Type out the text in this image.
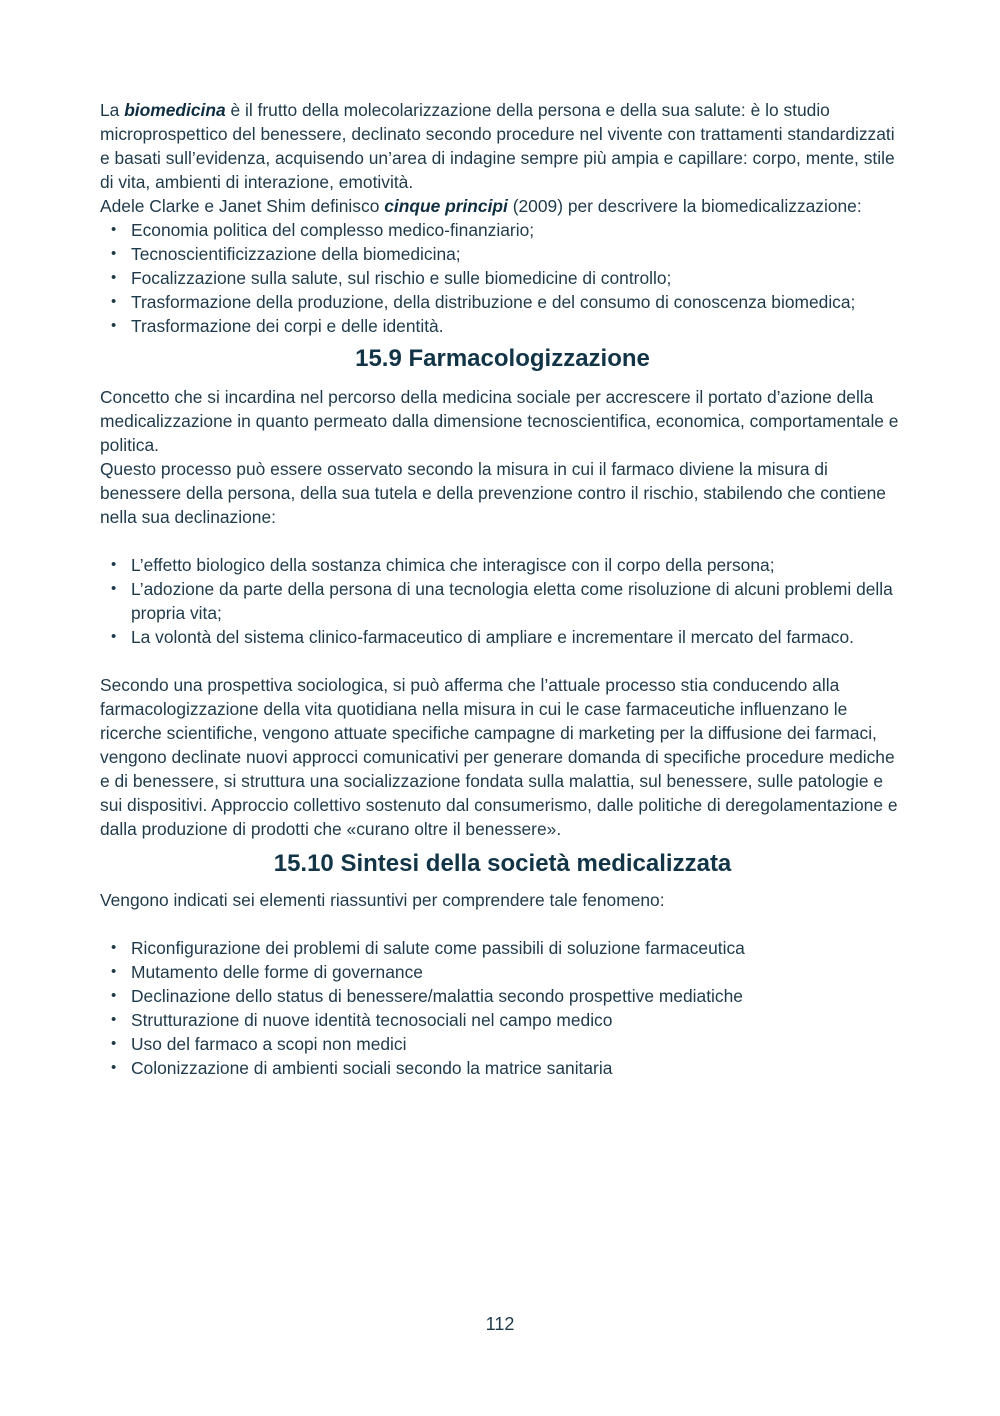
La biomedicina è il frutto della molecolarizzazione della persona e della sua salute: è lo studio microprospettico del benessere, declinato secondo procedure nel vivente con trattamenti standardizzati e basati sull’evidenza, acquisendo un’area di indagine sempre più ampia e capillare: corpo, mente, stile di vita, ambienti di interazione, emotività.

Adele Clarke e Janet Shim definisco cinque principi (2009) per descrivere la biomedicalizzazione:

• Economia politica del complesso medico-finanziario;
• Tecnoscientificizzazione della biomedicina;
• Focalizzazione sulla salute, sul rischio e sulle biomedicine di controllo;
• Trasformazione della produzione, della distribuzione e del consumo di conoscenza biomedica;
• Trasformazione dei corpi e delle identità.
15.9 Farmacologizzazione

Concetto che si incardina nel percorso della medicina sociale per accrescere il portato d’azione della medicalizzazione in quanto permeato dalla dimensione tecnoscientifica, economica, comportamentale e politica.

Questo processo può essere osservato secondo la misura in cui il farmaco diviene la misura di benessere della persona, della sua tutela e della prevenzione contro il rischio, stabilendo che contiene nella sua declinazione:

• L’effetto biologico della sostanza chimica che interagisce con il corpo della persona;
• L’adozione da parte della persona di una tecnologia eletta come risoluzione di alcuni problemi della propria vita;
• La volontà del sistema clinico-farmaceutico di ampliare e incrementare il mercato del farmaco.

Secondo una prospettiva sociologica, si può afferma che l’attuale processo stia conducendo alla farmacologizzazione della vita quotidiana nella misura in cui le case farmaceutiche influenzano le ricerche scientifiche, vengono attuate specifiche campagne di marketing per la diffusione dei farmaci, vengono declinate nuovi approcci comunicativi per generare domanda di specifiche procedure mediche e di benessere, si struttura una socializzazione fondata sulla malattia, sul benessere, sulle patologie e sui dispositivi. Approccio collettivo sostenuto dal consumerismo, dalle politiche di deregolamentazione e dalla produzione di prodotti che «curano oltre il benessere».

15.10 Sintesi della società medicalizzata

Vengono indicati sei elementi riassuntivi per comprendere tale fenomeno:

• Riconfigurazione dei problemi di salute come passibili di soluzione farmaceutica
• Mutamento delle forme di governance
• Declinazione dello status di benessere/malattia secondo prospettive mediatiche
• Strutturazione di nuove identità tecnosociali nel campo medico
• Uso del farmaco a scopi non medici
• Colonizzazione di ambienti sociali secondo la matrice sanitaria
112
